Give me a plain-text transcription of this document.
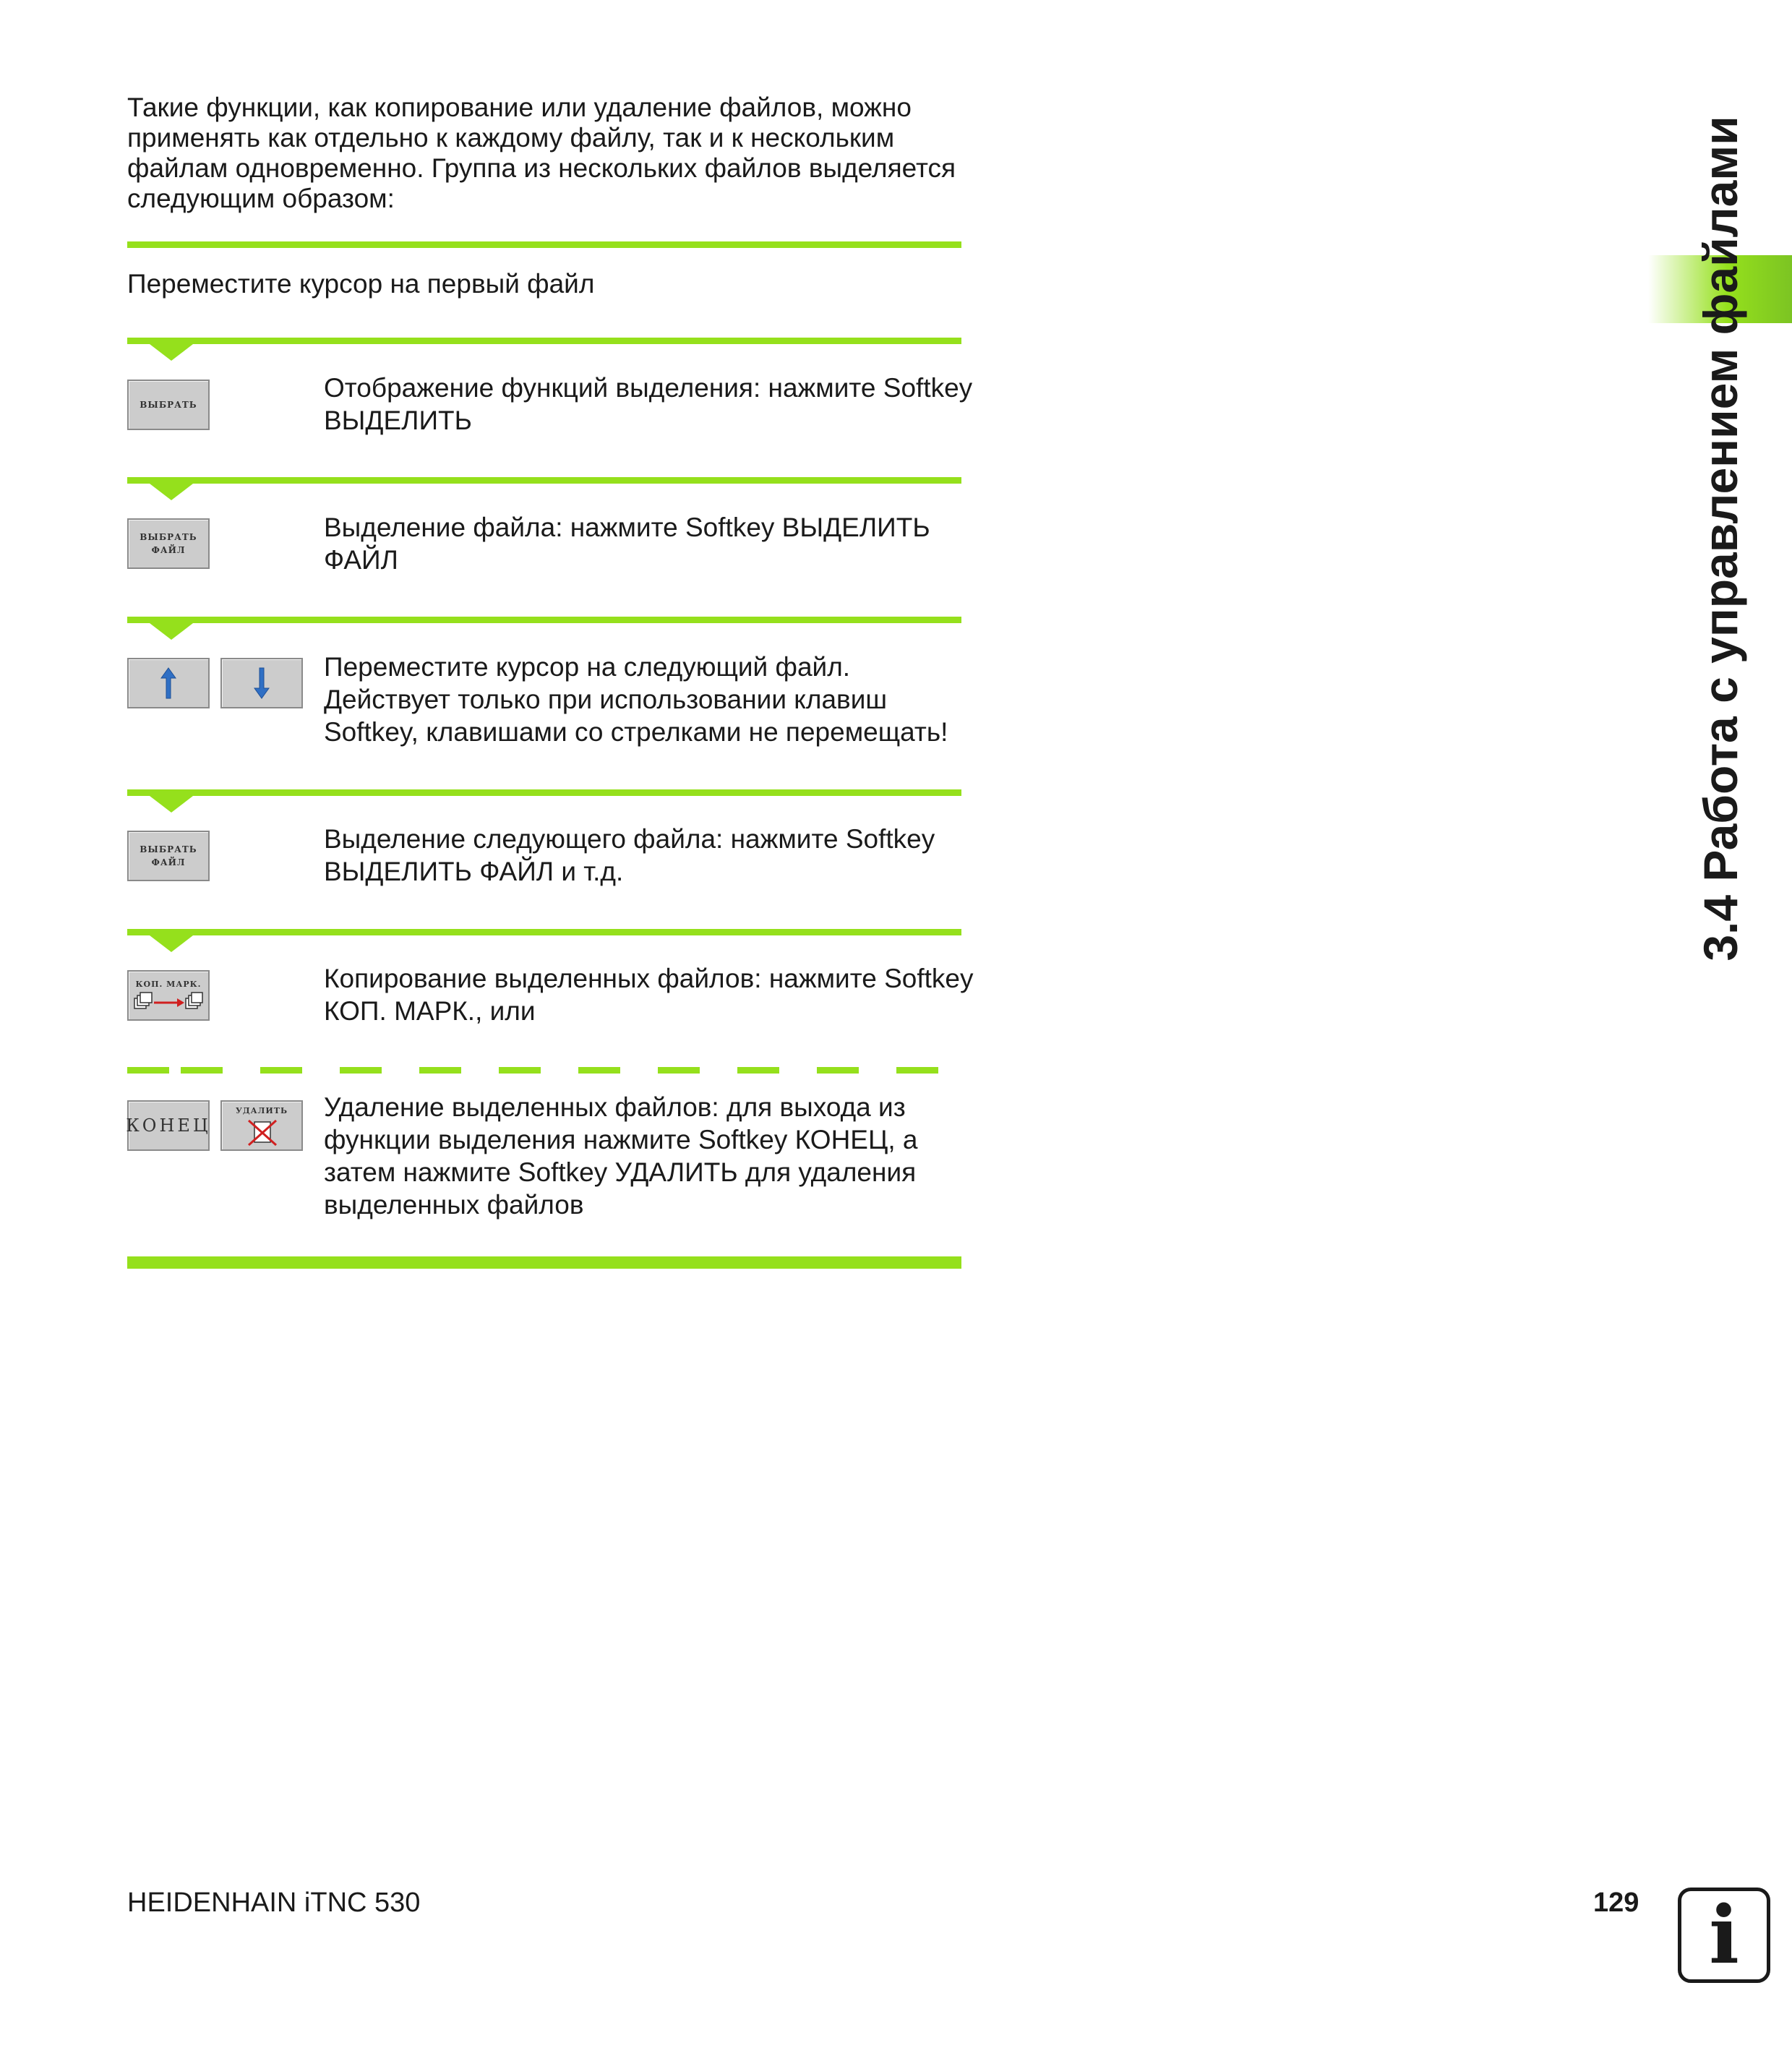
Такие функции, как копирование или удаление файлов, можно применять как отдельно к каждому файлу, так и к нескольким файлам одновременно. Группа из нескольких файлов выделяется следующим образом:

Переместите курсор на первый файл

ВЫБРАТЬ

Отображение функций выделения: нажмите Softkey ВЫДЕЛИТЬ

ВЫБРАТЬ
ФАЙЛ

Выделение файла: нажмите Softkey ВЫДЕЛИТЬ ФАЙЛ

Переместите курсор на следующий файл. Действует только при использовании клавиш Softkey, клавишами со стрелками не перемещать!

ВЫБРАТЬ
ФАЙЛ

Выделение следующего файла: нажмите Softkey ВЫДЕЛИТЬ ФАЙЛ и т.д.

КОП. МАРК.	Копирование выделенных файлов: нажмите Softkey КОП. МАРК., или

КОНЕЦ
УДАЛИТЬ Удаление выделенных файлов: для выхода из функции выделения нажмите Softkey КОНЕЦ, а затем нажмите Softkey УДАЛИТЬ для удаления выделенных файлов

3.4 Работа с управлением файлами
HEIDENHAIN iTNC 530	129 i
